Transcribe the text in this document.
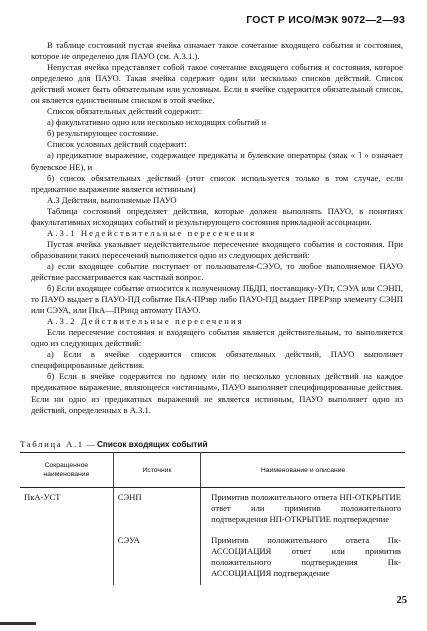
ГОСТ Р ИСО/МЭК 9072—2—93

В таблице состояний пустая ячейка означает такое сочетание входящего события и состояния, которое не определено для ПАУО (см. А.3.1.).

Непустая ячейка представляет собой такое сочетание входящего события и состояния, которое определено для ПАУО. Такая ячейка содержит один или несколько списков действий. Список действий может быть обязательным или условным. Если в ячейке содержится обязательный список, он является единственным списком в этой ячейке.

Список обязательных действий содержит:

а) факультативно одно или несколько исходящих событий и

б) результирующее состояние.

Список условных действий содержит:

а) предикатное выражение, содержащее предикаты и булевские операторы (знак « ˥ » означает булевское НЕ), и

б) список обязательных действий (этот список используется только в том случае, если предикатное выражение является истинным)

А.3 Действия, выполняемые ПАУО

Таблица состояний определяет действия, которые должен выполнять ПАУО, в понятиях факультативных исходящих событий и результирующего состояния прикладной ассоциации.

А.3.1 Недействительные пересечения

Пустая ячейка указывает недействительное пересечение входящего события и состояния. При образовании таких пересечений выполняется одно из следующих действий:

а) если входящее событие поступает от пользователя-СЭУО, то любое выполняемое ПАУО действие рассматривается как частный вопрос.

б) Если входящее событие относится к полученному ПБДП, поставщику-УПт, СЭУА или СЭНП, то ПАУО выдает в ПАУО-ПД событие ПкА-ПРзвр либо ПАУО-ПД выдает ПРЕРзпр элементу СЭНП или СЭУА, или ПкА—ПРинд автомату ПАУО.

А.3.2 Действительные пересечения

Если пересечение состояния и входящего события является действительным, то выполняется одно из следующих действий:

а) Если в ячейке содержится список обязательных действий, ПАУО выполняет специфицированные действия.

б) Если в ячейке содержится по одному или по несколько условных действий на каждое предикатное выражение, являющееся «истинным», ПАУО выполняет специфицированные действия. Если ни одно из предикатных выражений не является истинным, ПАУО выполняет одно из действий, определенных в А.3.1.

Таблица А.1 — Список входящих событий
Сокращенное наименование	Источник	Наименование и описание
ПкА-УСТ	СЭНП	Примитив положительного ответа НП-ОТКРЫТИЕ ответ или примитив положительного подтверждения НП-ОТКРЫТИЕ подтверждение

	СЭУА	Примитив положительного ответа Пк-АССОЦИАЦИЯ ответ или примитив положительного подтверждения Пк-АССОЦИАЦИЯ подтверждение
25
